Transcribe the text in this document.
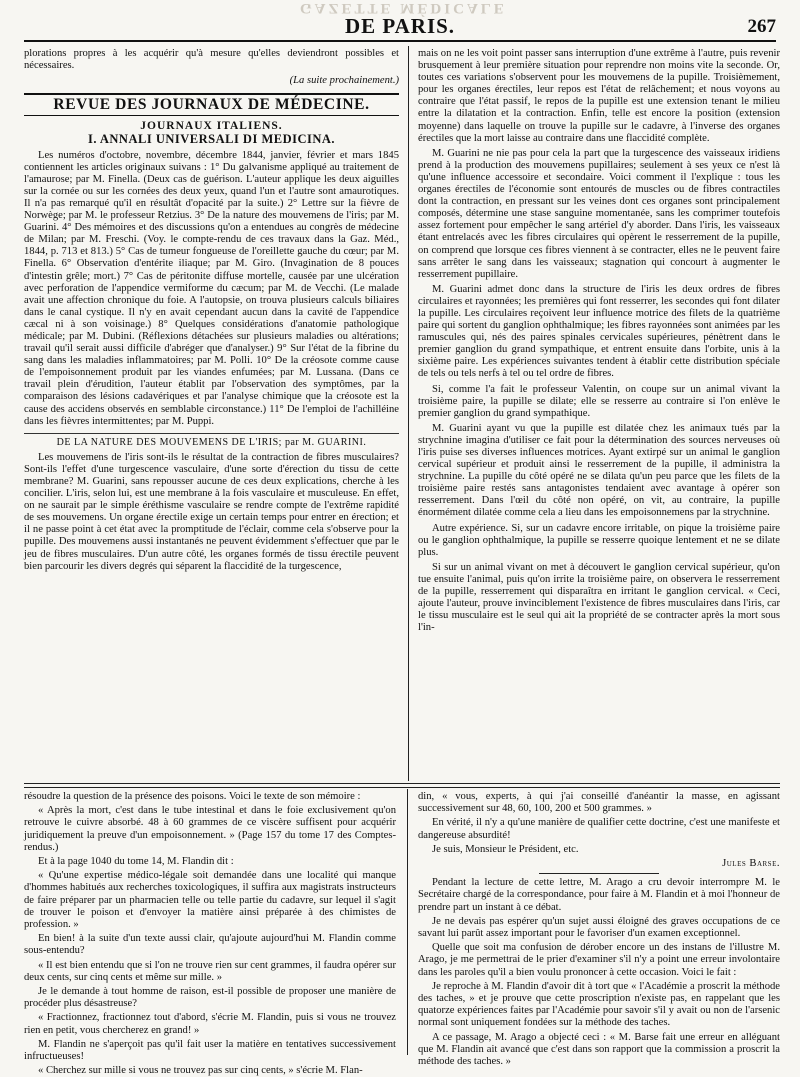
GAZETTE MÉDICALE
DE PARIS.	267

plorations propres à les acquérir qu'à mesure qu'elles deviendront possibles et nécessaires.

(La suite prochainement.)

REVUE DES JOURNAUX DE MÉDECINE.
JOURNAUX ITALIENS.
I. ANNALI UNIVERSALI DI MEDICINA.

Les numéros d'octobre, novembre, décembre 1844, janvier, février et mars 1845 contiennent les articles originaux suivans : 1° Du galvanisme appliqué au traitement de l'amaurose; par M. Finella. (Deux cas de guérison. L'auteur applique les deux aiguilles sur la cornée ou sur les cornées des deux yeux, quand l'un et l'autre sont amaurotiques. Il n'a pas remarqué qu'il en résultât d'opacité par la suite.) 2° Lettre sur la fièvre de Norwège; par M. le professeur Retzius. 3° De la nature des mouvemens de l'iris; par M. Guarini. 4° Des mémoires et des discussions qu'on a entendues au congrès de médecine de Milan; par M. Freschi. (Voy. le compte-rendu de ces travaux dans la Gaz. Méd., 1844, p. 713 et 813.) 5° Cas de tumeur fongueuse de l'oreillette gauche du cœur; par M. Finella. 6° Observation d'entérite iliaque; par M. Giro. (Invagination de 8 pouces d'intestin grêle; mort.) 7° Cas de péritonite diffuse mortelle, causée par une ulcération avec perforation de l'appendice vermiforme du cæcum; par M. de Vecchi. (Le malade avait une affection chronique du foie. A l'autopsie, on trouva plusieurs calculs biliaires dans le canal cystique. Il n'y en avait cependant aucun dans la cavité de l'appendice cæcal ni à son voisinage.) 8° Quelques considérations d'anatomie pathologique médicale; par M. Dubini. (Réflexions détachées sur plusieurs maladies ou altérations; travail qu'il serait aussi difficile d'abréger que d'analyser.) 9° Sur l'état de la fibrine du sang dans les maladies inflammatoires; par M. Polli. 10° De la créosote comme cause de l'empoisonnement produit par les viandes enfumées; par M. Lussana. (Dans ce travail plein d'érudition, l'auteur établit par l'observation des symptômes, par la comparaison des lésions cadavériques et par l'analyse chimique que la créosote est la cause des accidens observés en semblable circonstance.) 11° De l'emploi de l'achilléine dans les fièvres intermittentes; par M. Puppi.

DE LA NATURE DES MOUVEMENS DE L'IRIS; par M. GUARINI.

Les mouvemens de l'iris sont-ils le résultat de la contraction de fibres musculaires? Sont-ils l'effet d'une turgescence vasculaire, d'une sorte d'érection du tissu de cette membrane? M. Guarini, sans repousser aucune de ces deux explications, cherche à les concilier. L'iris, selon lui, est une membrane à la fois vasculaire et musculeuse. En effet, on ne saurait par le simple éréthisme vasculaire se rendre compte de l'extrême rapidité de ses mouvemens. Un organe érectile exige un certain temps pour entrer en érection; et il ne passe point à cet état avec la promptitude de l'éclair, comme cela s'observe pour la pupille. Des mouvemens aussi instantanés ne peuvent évidemment s'effectuer que par le jeu de fibres musculaires. D'un autre côté, les organes formés de tissu érectile peuvent bien parcourir les divers degrés qui séparent la flaccidité de la turgescence,

mais on ne les voit point passer sans interruption d'une extrême à l'autre, puis revenir brusquement à leur première situation pour reprendre non moins vite la seconde. Or, toutes ces variations s'observent pour les mouvemens de la pupille. Troisièmement, pour les organes érectiles, leur repos est l'état de relâchement; et nous voyons au contraire que l'état passif, le repos de la pupille est une extension tenant le milieu entre la dilatation et la contraction. Enfin, telle est encore la position (extension moyenne) dans laquelle on trouve la pupille sur le cadavre, à l'inverse des organes érectiles que la mort laisse au contraire dans une flaccidité complète.

M. Guarini ne nie pas pour cela la part que la turgescence des vaisseaux iridiens prend à la production des mouvemens pupillaires; seulement à ses yeux ce n'est là qu'une influence accessoire et secondaire. Voici comment il l'explique : tous les organes érectiles de l'économie sont entourés de muscles ou de fibres contractiles dont la contraction, en pressant sur les veines dont ces organes sont principalement composés, détermine une stase sanguine momentanée, sans les comprimer toutefois assez fortement pour empêcher le sang artériel d'y aborder. Dans l'iris, les vaisseaux étant entrelacés avec les fibres circulaires qui opèrent le resserrement de la pupille, on comprend que lorsque ces fibres viennent à se contracter, elles ne le peuvent faire sans arrêter le sang dans les vaisseaux; stagnation qui concourt à augmenter le resserrement pupillaire.

M. Guarini admet donc dans la structure de l'iris les deux ordres de fibres circulaires et rayonnées; les premières qui font resserrer, les secondes qui font dilater la pupille. Les circulaires reçoivent leur influence motrice des filets de la quatrième paire qui sortent du ganglion ophthalmique; les fibres rayonnées sont animées par les ramuscules qui, nés des paires spinales cervicales supérieures, pénètrent dans le premier ganglion du grand sympathique, et entrent ensuite dans l'orbite, unis à la sixième paire. Les expériences suivantes tendent à établir cette distribution spéciale de tels ou tels nerfs à tel ou tel ordre de fibres.

Si, comme l'a fait le professeur Valentin, on coupe sur un animal vivant la troisième paire, la pupille se dilate; elle se resserre au contraire si l'on enlève le premier ganglion du grand sympathique.

M. Guarini ayant vu que la pupille est dilatée chez les animaux tués par la strychnine imagina d'utiliser ce fait pour la détermination des sources nerveuses où l'iris puise ses diverses influences motrices. Ayant extirpé sur un animal le ganglion cervical supérieur et produit ainsi le resserrement de la pupille, il administra la strychnine. La pupille du côté opéré ne se dilata qu'un peu parce que les filets de la troisième paire restés sans antagonistes tendaient avec avantage à opérer son resserrement. Dans l'œil du côté non opéré, on vit, au contraire, la pupille énormément dilatée comme cela a lieu dans les empoisonnemens par la strychnine.

Autre expérience. Si, sur un cadavre encore irritable, on pique la troisième paire ou le ganglion ophthalmique, la pupille se resserre quoique lentement et ne se dilate plus.

Si sur un animal vivant on met à découvert le ganglion cervical supérieur, qu'on tue ensuite l'animal, puis qu'on irrite la troisième paire, on observera le resserrement de la pupille, resserrement qui disparaîtra en irritant le ganglion cervical. « Ceci, ajoute l'auteur, prouve invinciblement l'existence de fibres musculaires dans l'iris, car le tissu musculaire est le seul qui ait la propriété de se contracter après la mort sous l'in-

résoudre la question de la présence des poisons. Voici le texte de son mémoire :

« Après la mort, c'est dans le tube intestinal et dans le foie exclusivement qu'on retrouve le cuivre absorbé. 48 à 60 grammes de ce viscère suffisent pour acquérir juridiquement la preuve d'un empoisonnement. » (Page 157 du tome 17 des Comptes-rendus.)

Et à la page 1040 du tome 14, M. Flandin dit :

« Qu'une expertise médico-légale soit demandée dans une localité qui manque d'hommes habitués aux recherches toxicologiques, il suffira aux magistrats instructeurs de faire préparer par un pharmacien telle ou telle partie du cadavre, sur lequel il s'agit de trouver le poison et d'envoyer la matière ainsi préparée à des chimistes de profession. »

En bien! à la suite d'un texte aussi clair, qu'ajoute aujourd'hui M. Flandin comme sous-entendu?

« Il est bien entendu que si l'on ne trouve rien sur cent grammes, il faudra opérer sur deux cents, sur cinq cents et même sur mille. »

Je le demande à tout homme de raison, est-il possible de proposer une manière de procéder plus désastreuse?

« Fractionnez, fractionnez tout d'abord, s'écrie M. Flandin, puis si vous ne trouvez rien en petit, vous chercherez en grand! »

M. Flandin ne s'aperçoit pas qu'il fait user la matière en tentatives successivement infructueuses!

« Cherchez sur mille si vous ne trouvez pas sur cinq cents, » s'écrie M. Flan-

din, « vous, experts, à qui j'ai conseillé d'anéantir la masse, en agissant successivement sur 48, 60, 100, 200 et 500 grammes. »

En vérité, il n'y a qu'une manière de qualifier cette doctrine, c'est une manifeste et dangereuse absurdité!

Je suis, Monsieur le Président, etc.

Jules Barse.

Pendant la lecture de cette lettre, M. Arago a cru devoir interrompre M. le Secrétaire chargé de la correspondance, pour faire à M. Flandin et à moi l'honneur de prendre part un instant à ce débat.

Je ne devais pas espérer qu'un sujet aussi éloigné des graves occupations de ce savant lui parût assez important pour le favoriser d'un examen exceptionnel.

Quelle que soit ma confusion de dérober encore un des instans de l'illustre M. Arago, je me permettrai de le prier d'examiner s'il n'y a point une erreur involontaire dans les paroles qu'il a bien voulu prononcer à cette occasion. Voici le fait :

Je reproche à M. Flandin d'avoir dit à tort que « l'Académie a proscrit la méthode des taches, » et je prouve que cette proscription n'existe pas, en rappelant que les quatorze expériences faites par l'Académie pour savoir s'il y avait ou non de l'arsenic normal sont uniquement fondées sur la méthode des taches.

A ce passage, M. Arago a objecté ceci : « M. Barse fait une erreur en alléguant que M. Flandin ait avancé que c'est dans son rapport que la commission a proscrit la méthode des taches. »
